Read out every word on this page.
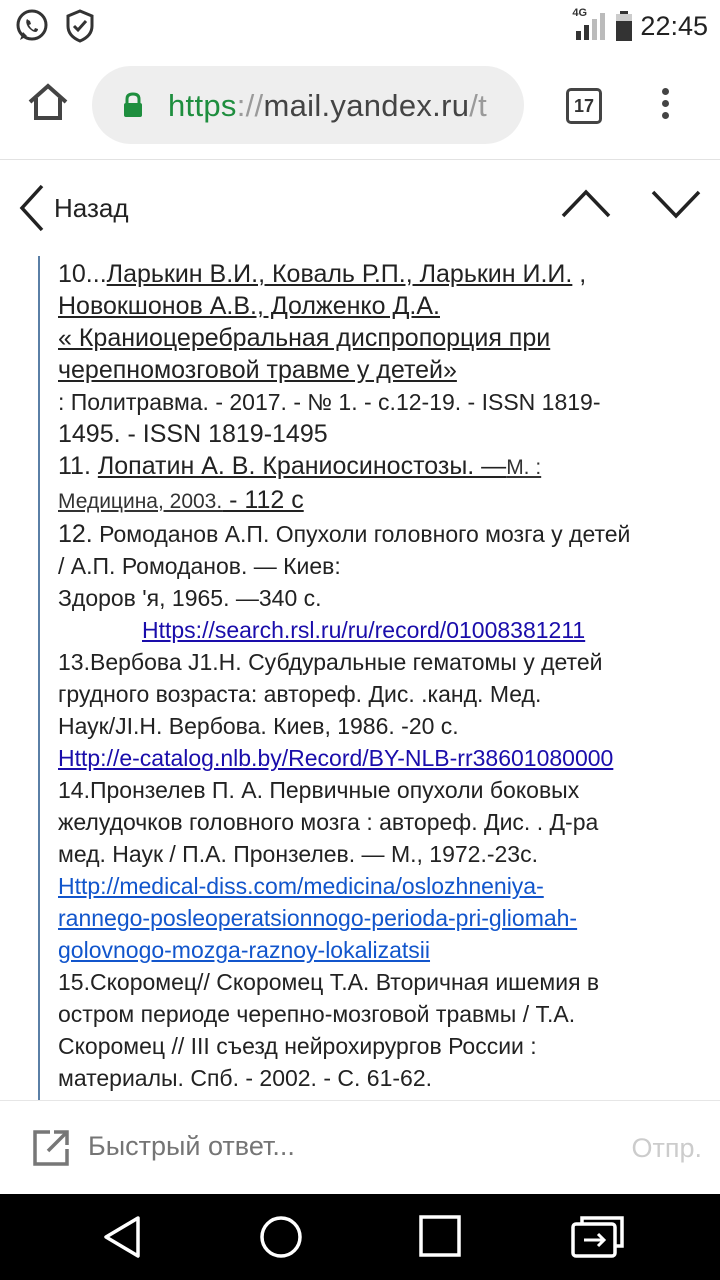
4G 22:45
https://mail.yandex.ru/t	17
Назад

10...Ларькин В.И., Коваль Р.П., Ларькин И.И. ,

Новокшонов А.В., Долженко Д.А.

« Краниоцеребральная диспропорция при

черепномозговой травме у детей»

: Политравма. - 2017. - № 1. - с.12-19. - ISSN 1819-

1495. - ISSN 1819-1495

11. Лопатин А. В. Краниосиностозы. —М. :

Медицина, 2003. - 112 с

12. Ромоданов А.П. Опухоли головного мозга у детей

/ А.П. Ромоданов. — Киев:

Здоров 'я, 1965. —340 с.

Https://search.rsl.ru/ru/record/01008381211

13.Вербова J1.Н. Субдуральные гематомы у детей

грудного возраста: автореф. Дис. .канд. Мед.

Наук/JI.Н. Вербова. Киев, 1986. -20 с.

Http://e-catalog.nlb.by/Record/BY-NLB-rr38601080000

14.Пронзелев П. А. Первичные опухоли боковых

желудочков головного мозга : автореф. Дис. . Д-ра

мед. Наук / П.А. Пронзелев. — М., 1972.-23с.

Http://medical-diss.com/medicina/oslozhneniya-

rannego-posleoperatsionnogo-perioda-pri-gliomah-

golovnogo-mozga-raznoy-lokalizatsii

15.Скоромец// Скоромец Т.А. Вторичная ишемия в

остром периоде черепно-мозговой травмы / Т.А.

Скоромец // III съезд нейрохирургов России :

материалы. Спб. - 2002. - С. 61-62.

Быстрый ответ...
Отпр.
